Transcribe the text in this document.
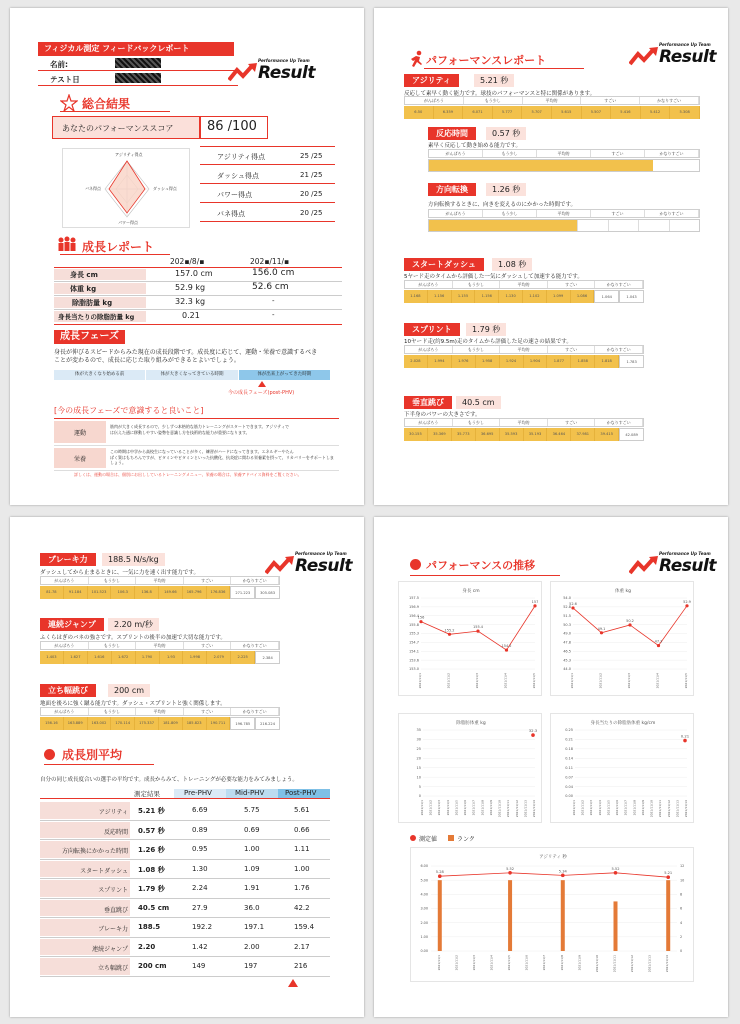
フィジカル測定 フィードバックレポート
名前:
テスト日
Performance Up Team
Result
総合結果
あなたのパフォーマンススコア	86 /100
アジリティ得点
ダッシュ得点
パワー得点
バネ得点
アジリティ得点	25 /25
ダッシュ得点	21 /25
パワー得点	20 /25
バネ得点	20 /25
成長レポート
202▪/8/▪	202▪/11/▪
身長 cm	157.0 cm	156.0 cm
体重 kg	52.9 kg	52.6 cm
除脂肪量 kg	32.3 kg	-
身長当たりの除脂肪量 kg	0.21	-
成長フェーズ
身長が伸びるスピードからみた現在の成長段階です。成長度に応じて、運動・栄養で意識するべき
ことが変わるので、成長に応じた取り組みができるとよいでしょう。
体が大きくなり始める前	体が大きくなってきている時期	体が出来上がってきた時期
今の成長フェーズ(post-PHV)
[今の成長フェーズで意識すると良いこと]
運動
筋肉が大きく成長するので、少しずつ本格的な筋力トレーニングがスタートできます。アジリティで
は伝えた通に移動しやすい姿勢を意識し方を技術的な能力が重要になります。
栄養
この時期は中学から高校生になっていることが多く、練習がハードになってきます。エネルギーやたん
ぱく質はもちろんですが、ビタミンやビタミンといった抗酸化、抗炎症に関わる栄養素を摂って、リカバリーをサポートしましょう。
詳しくは、運動の場合は、個別にお出ししているトレーニングメニュー、栄養の場合は、栄養アドバイス資料をご覧ください。
パフォーマンスレポート
Performance Up Team
Result
アジリティ	5.21 秒
反応して素早く動く能力です。球技のパフォーマンスと特に関係があります。
がんばろう	もう少し	平均的	すごい	かなりすごい
6.50	6.359	6.071	5.777	5.707	5.615	5.507	5.416	5.412	5.308
反応時間	0.57 秒
素早く反応して動き始める能力です。
がんばろう	もう少し	平均的	すごい	かなりすごい
方向転換	1.26 秒
方向転換するときに、向きを変えるのにかかった時間です。
がんばろう	もう少し	平均的	すごい	かなりすごい
スタートダッシュ	1.08 秒
5ヤード走のタイムから評価した一気にダッシュして加速する能力です。
がんばろう	もう少し	平均的	すごい	かなりすごい
1.168	1.156	1.155	1.156	1.130	1.102	1.099	1.086	1.064	1.043
スプリント	1.79 秒
10ヤード走(約9.5m)走のタイムから評価した足の速さの結果です。
がんばろう	もう少し	平均的	すごい	かなりすごい
2.028	1.994	1.976	1.958	1.924	1.904	1.877	1.858	1.818	1.783
垂直跳び	40.5 cm
下半身のパワーの大きさです。
がんばろう	もう少し	平均的	すごい	かなりすごい
30.155	35.369	35.773	36.695	35.593	35.193	36.464	37.981	39.415	42.089
Performance Up Team
Result
ブレーキ力	188.5 N/s/kg
ダッシュしてから止まるときに、一気に力を速く出す能力です。
がんばろう	もう少し	平均的	すごい	かなりすごい
81.78	91.184	101.523	106.3	136.8	149.66	165.796	176.836	271.223	305.083
連続ジャンプ	2.20 m/秒
ふくらはぎのバネの強さです。スプリントの後半の加速で大切な能力です。
がんばろう	もう少し	平均的	すごい	かなりすごい
1.403	1.627	1.616	1.672	1.790	1.93	1.998	2.079	2.225	2.384
立ち幅跳び	200 cm
地面を後ろに強く蹴る能力です。ダッシュ・スプリントと強く関係します。
がんばろう	もう少し	平均的	すごい	かなりすごい
156.16	163.889	163.002	170.114	175.337	181.809	185.823	190.711	196.785	216.224
成長別平均
自分の同じ成長度合いの選手の平均です。成長からみて、トレーニングが必要な能力をみてみましょう。
測定結果	Pre-PHV	Mid-PHV	Post-PHV
アジリティ 5.21 秒	6.69	5.75	5.61
反応時間 0.57 秒	0.89	0.69	0.66
方向転換にかかった時間 1.26 秒	0.95	1.00	1.11
スタートダッシュ 1.08 秒	1.30	1.09	1.00
スプリント 1.79 秒	2.24	1.91	1.76
垂直跳び 40.5 cm	27.9	36.0	42.2
ブレーキ力 188.5	192.2	197.1	159.4
連続ジャンプ 2.20	1.42	2.00	2.17
立ち幅跳び 200 cm	149	197	216
パフォーマンスの推移
Performance Up Team
Result
身長 cm
153.0
153.6
154.1
154.7
155.3
155.8
156.4
156.9
157.5
156
2021/11/1
155.2
2021/11/2
155.4
2021/11/3
154.2
2021/11/4
157
2021/11/5
体重 kg
44.0
45.3
46.5
47.8
49.0
50.3
51.5
52.8
54.0
52.6
2021/11/1
49.1
2021/11/2
50.2
2021/11/3
47.3
2021/11/4
52.9
2021/11/5
除脂肪体重 kg
0
5
10
15
20
25
30
35
2021/11/1 2021/11/2 2021/11/3 2021/11/4 2021/11/5 2021/11/6 2021/11/7 2021/11/8 2021/11/9 2021/11/10 2021/11/11 2021/11/12 2021/11/13 2021/11/14
32.3
身長当たりの除脂肪体重 kg/cm
0.00
0.04
0.07
0.11
0.14
0.18
0.21
0.25
2021/11/1 2021/11/2 2021/11/3 2021/11/4 2021/11/5 2021/11/6 2021/11/7 2021/11/8 2021/11/9 2021/11/10 2021/11/11 2021/11/12 2021/11/13 2021/11/14
0.21
測定値	ランク
アジリティ 秒
0.00	0
1.00	2
2.00	4
3.00	6
4.00	8
5.00	10
6.00	12
2021/11/1	2021/11/2	2021/11/3	2021/11/4	2021/11/5	2021/11/6	2021/11/7	2021/11/8	2021/11/9	2021/11/10	2021/11/11	2021/11/12	2021/11/13	2021/11/14
5.28
5.52
5.34
5.52
5.21
